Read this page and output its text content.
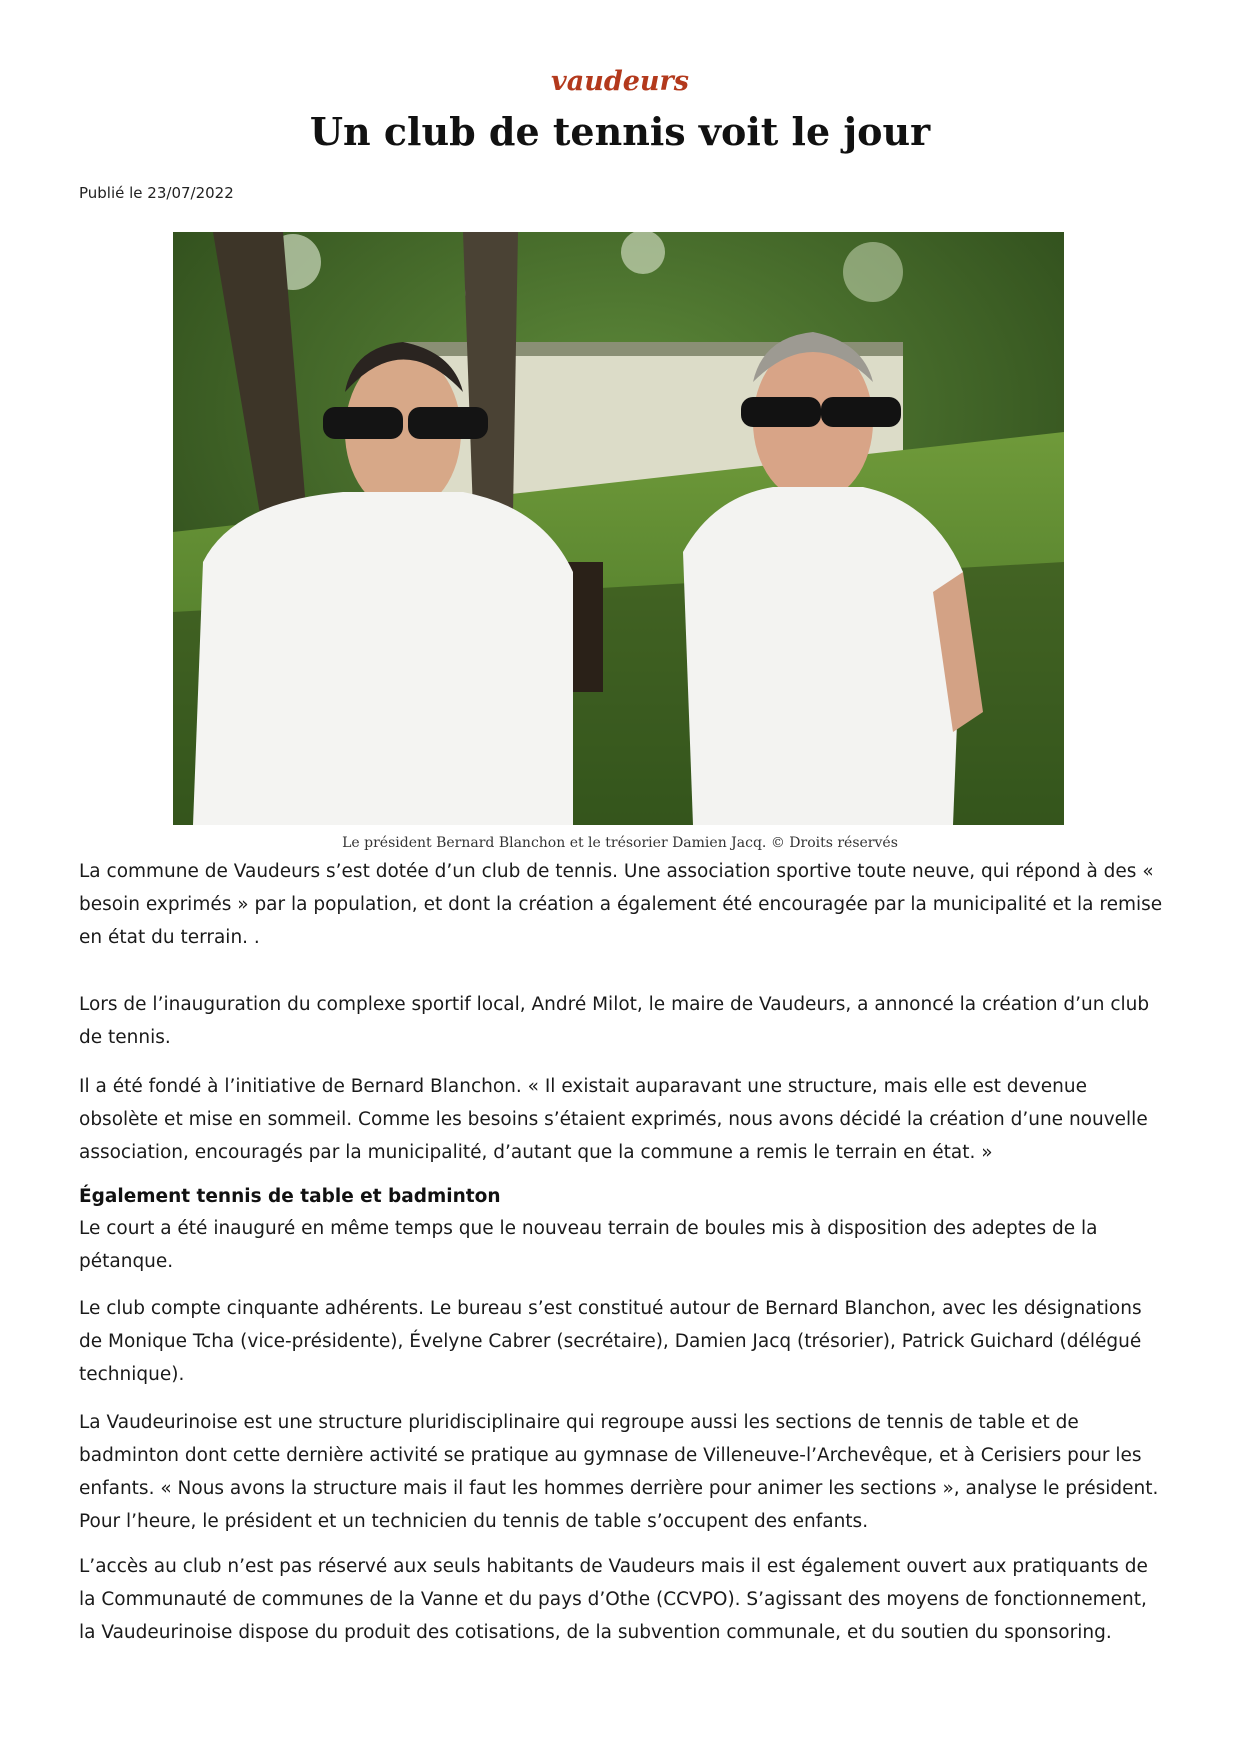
vaudeurs
Un club de tennis voit le jour
Publié le 23/07/2022
Le président Bernard Blanchon et le trésorier Damien Jacq. © Droits réservés

La commune de Vaudeurs s’est dotée d’un club de tennis. Une association sportive toute neuve, qui répond à des « besoin exprimés » par la population, et dont la création a également été encouragée par la municipalité et la remise en état du terrain. .

Lors de l’inauguration du complexe sportif local, André Milot, le maire de Vaudeurs, a annoncé la création d’un club de tennis.

Il a été fondé à l’initiative de Bernard Blanchon. « Il existait auparavant une structure, mais elle est devenue obsolète et mise en sommeil. Comme les besoins s’étaient exprimés, nous avons décidé la création d’une nouvelle association, encouragés par la municipalité, d’autant que la commune a remis le terrain en état. »

Également tennis de table et badminton

Le court a été inauguré en même temps que le nouveau terrain de boules mis à disposition des adeptes de la pétanque.

Le club compte cinquante adhérents. Le bureau s’est constitué autour de Bernard Blanchon, avec les désignations de Monique Tcha (vice-présidente), Évelyne Cabrer (secrétaire), Damien Jacq (trésorier), Patrick Guichard (délégué technique).

La Vaudeurinoise est une structure pluridisciplinaire qui regroupe aussi les sections de tennis de table et de badminton dont cette dernière activité se pratique au gymnase de Villeneuve-l’Archevêque, et à Cerisiers pour les enfants. « Nous avons la structure mais il faut les hommes derrière pour animer les sections », analyse le président. Pour l’heure, le président et un technicien du tennis de table s’occupent des enfants.

L’accès au club n’est pas réservé aux seuls habitants de Vaudeurs mais il est également ouvert aux pratiquants de la Communauté de communes de la Vanne et du pays d’Othe (CCVPO). S’agissant des moyens de fonctionnement, la Vaudeurinoise dispose du produit des cotisations, de la subvention communale, et du soutien du sponsoring.
